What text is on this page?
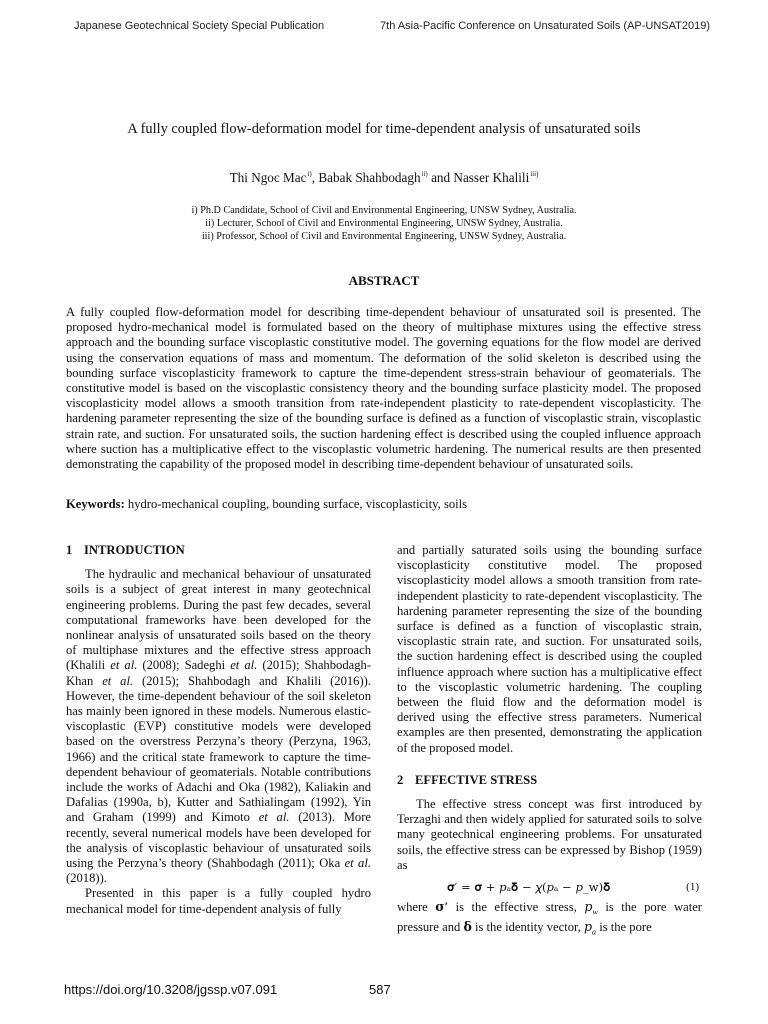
Japanese Geotechnical Society Special Publication	7th Asia-Pacific Conference on Unsaturated Soils (AP-UNSAT2019)
A fully coupled flow-deformation model for time-dependent analysis of unsaturated soils
Thi Ngoc Mac$^{i)}$, Babak Shahbodagh$^{ii)}$ and Nasser Khalili$^{iii)}$
i) Ph.D Candidate, School of Civil and Environmental Engineering, UNSW Sydney, Australia.
ii) Lecturer, School of Civil and Environmental Engineering, UNSW Sydney, Australia.
iii) Professor, School of Civil and Environmental Engineering, UNSW Sydney, Australia.
ABSTRACT
A fully coupled flow-deformation model for describing time-dependent behaviour of unsaturated soil is presented. The proposed hydro-mechanical model is formulated based on the theory of multiphase mixtures using the effective stress approach and the bounding surface viscoplastic constitutive model. The governing equations for the flow model are derived using the conservation equations of mass and momentum. The deformation of the solid skeleton is described using the bounding surface viscoplasticity framework to capture the time-dependent stress-strain behaviour of geomaterials. The constitutive model is based on the viscoplastic consistency theory and the bounding surface plasticity model. The proposed viscoplasticity model allows a smooth transition from rate-independent plasticity to rate-dependent viscoplasticity. The hardening parameter representing the size of the bounding surface is defined as a function of viscoplastic strain, viscoplastic strain rate, and suction. For unsaturated soils, the suction hardening effect is described using the coupled influence approach where suction has a multiplicative effect to the viscoplastic volumetric hardening. The numerical results are then presented demonstrating the capability of the proposed model in describing time-dependent behaviour of unsaturated soils.
Keywords: hydro-mechanical coupling, bounding surface, viscoplasticity, soils
1 INTRODUCTION

The hydraulic and mechanical behaviour of unsaturated soils is a subject of great interest in many geotechnical engineering problems. During the past few decades, several computational frameworks have been developed for the nonlinear analysis of unsaturated soils based on the theory of multiphase mixtures and the effective stress approach (Khalili et al. (2008); Sadeghi et al. (2015); Shahbodagh-Khan et al. (2015); Shahbodagh and Khalili (2016)). However, the time-dependent behaviour of the soil skeleton has mainly been ignored in these models. Numerous elastic-viscoplastic (EVP) constitutive models were developed based on the overstress Perzyna’s theory (Perzyna, 1963, 1966) and the critical state framework to capture the time-dependent behaviour of geomaterials. Notable contributions include the works of Adachi and Oka (1982), Kaliakin and Dafalias (1990a, b), Kutter and Sathialingam (1992), Yin and Graham (1999) and Kimoto et al. (2013). More recently, several numerical models have been developed for the analysis of viscoplastic behaviour of unsaturated soils using the Perzyna’s theory (Shahbodagh (2011); Oka et al. (2018)).

Presented in this paper is a fully coupled hydro mechanical model for time-dependent analysis of fully

and partially saturated soils using the bounding surface viscoplasticity constitutive model. The proposed viscoplasticity model allows a smooth transition from rate-independent plasticity to rate-dependent viscoplasticity. The hardening parameter representing the size of the bounding surface is defined as a function of viscoplastic strain, viscoplastic strain rate, and suction. For unsaturated soils, the suction hardening effect is described using the coupled influence approach where suction has a multiplicative effect to the viscoplastic volumetric hardening. The coupling between the fluid flow and the deformation model is derived using the effective stress parameters. Numerical examples are then presented, demonstrating the application of the proposed model.

2 EFFECTIVE STRESS

The effective stress concept was first introduced by Terzaghi and then widely applied for saturated soils to solve many geotechnical engineering problems. For unsaturated soils, the effective stress can be expressed by Bishop (1959) as

𝛔′ = 𝛔 + 𝑝ₐ𝛅 − 𝜒(𝑝ₐ − 𝑝_w)𝛅	(1)

where 𝛔′ is the effective stress, 𝑝$_w$ is the pore water pressure and 𝛅 is the identity vector, 𝑝$_a$ is the pore

https://doi.org/10.3208/jgssp.v07.091	587
